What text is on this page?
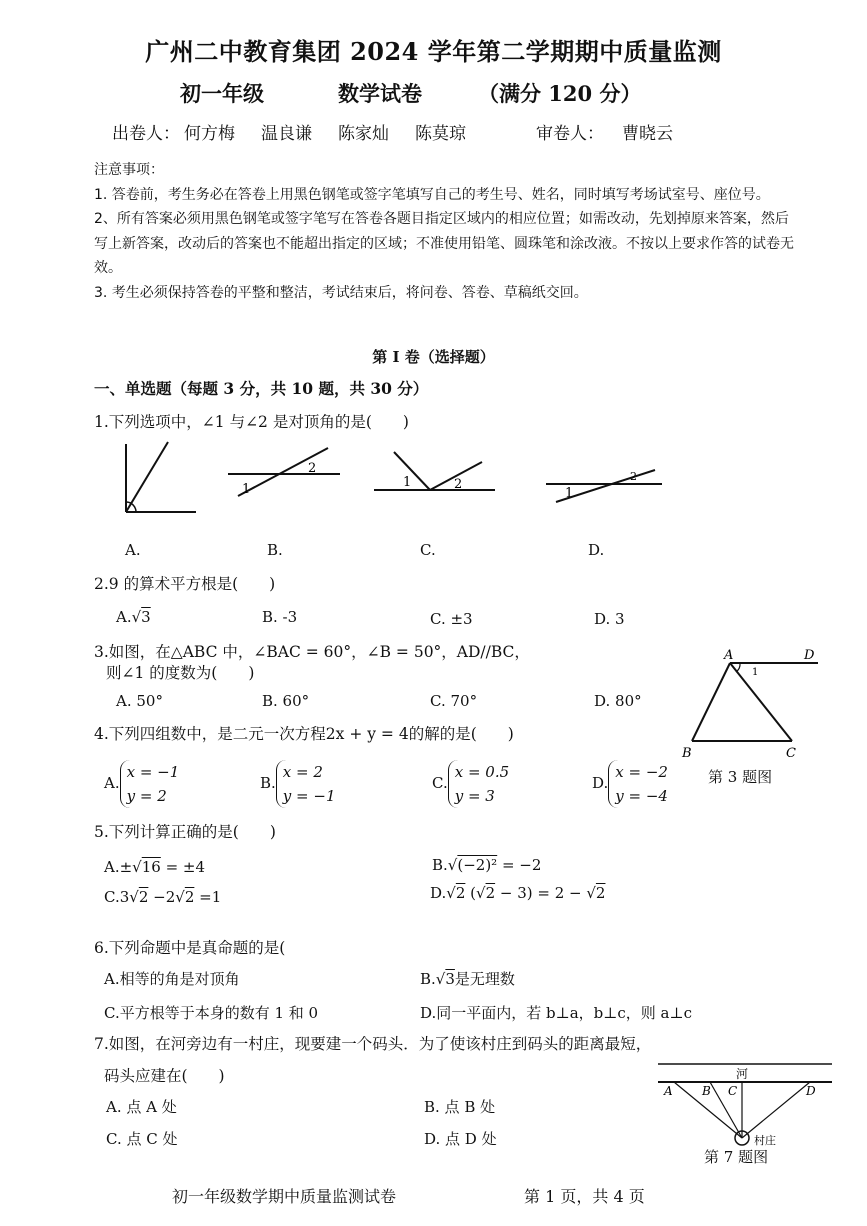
广州二中教育集团 2024 学年第二学期期中质量监测
初一年级	数学试卷	（满分 120 分）
出卷人： 何方梅 温良谦 陈家灿 陈莫琼	审卷人： 曹晓云
注意事项：
1. 答卷前，考生务必在答卷上用黑色钢笔或签字笔填写自己的考生号、姓名，同时填写考场试室号、座位号。
2、所有答案必须用黑色钢笔或签字笔写在答卷各题目指定区域内的相应位置；如需改动，先划掉原来答案，然后写上新答案，改动后的答案也不能超出指定的区域；不准使用铅笔、圆珠笔和涂改液。不按以上要求作答的试卷无效。
3. 考生必须保持答卷的平整和整洁，考试结束后，将问卷、答卷、草稿纸交回。
第 I 卷（选择题）
一、单选题（每题 3 分，共 10 题，共 30 分）
1.下列选项中，∠1 与∠2 是对顶角的是(　　)
1
2
1	2
1
2
A.	B.	C.	D.
2.9 的算术平方根是(　　)
A.√3	B. -3	C. ±3	D. 3
3.如图，在△ABC 中，∠BAC = 60°，∠B = 50°，AD//BC，
则∠1 的度数为(　　)
A. 50°	B. 60°	C. 70°	D. 80°
A	D
B	C
1
第 3 题图
4.下列四组数中，是二元一次方程2x + y = 4的解的是(　　)
A.x = −1
y = 2
B.x = 2
y = −1
C.x = 0.5
y = 3
D.x = −2
y = −4
5.下列计算正确的是(　　)
A.±√16 = ±4	B.√(−2)² = −2
C.3√2 −2√2 =1	D.√2 (√2 − 3) = 2 − √2
6.下列命题中是真命题的是(
A.相等的角是对顶角	B.√3是无理数
C.平方根等于本身的数有 1 和 0	D.同一平面内，若 b⊥a，b⊥c，则 a⊥c
7.如图，在河旁边有一村庄，现要建一个码头．为了使该村庄到码头的距离最短，
码头应建在(　　)
A. 点 A 处	B. 点 B 处
C. 点 C 处	D. 点 D 处
河
A B C	D
村庄
第 7 题图
初一年级数学期中质量监测试卷	第 1 页，共 4 页
